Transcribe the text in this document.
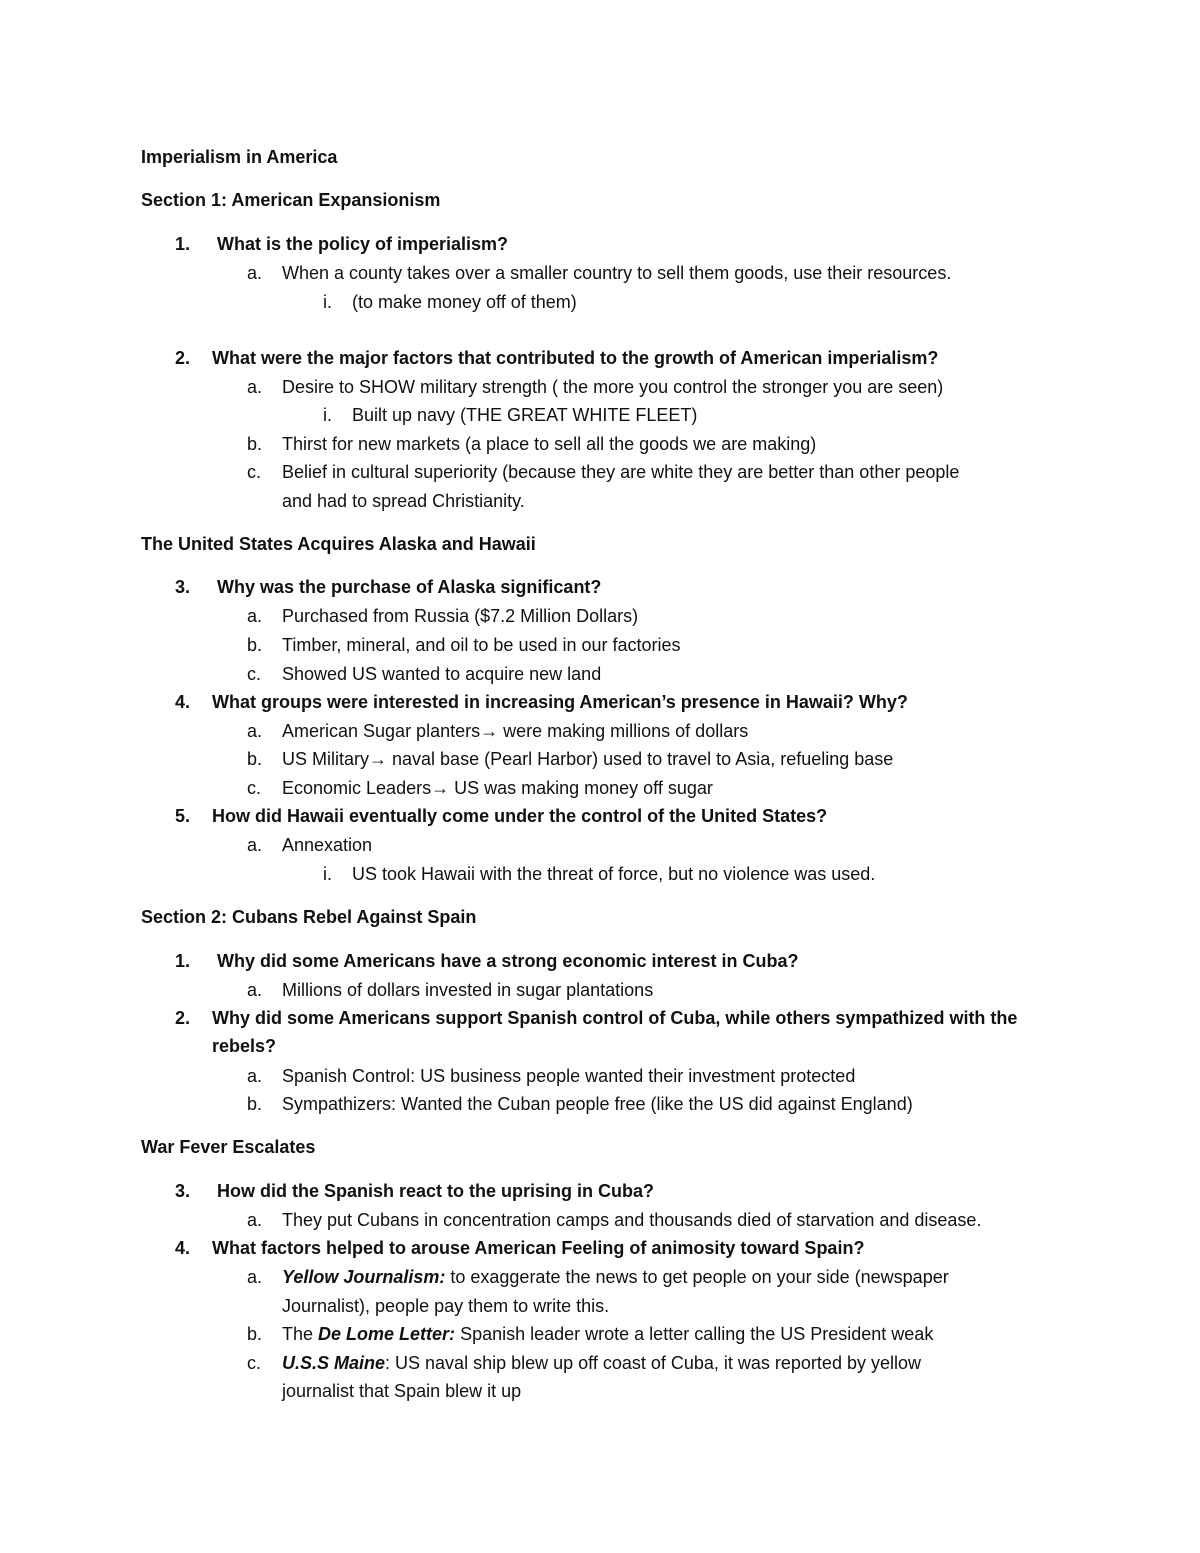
Imperialism in America
Section 1: American Expansionism
1. What is the policy of imperialism?
a. When a county takes over a smaller country to sell them goods, use their resources.
i. (to make money off of them)
2. What were the major factors that contributed to the growth of American imperialism?
a. Desire to SHOW military strength ( the more you control the stronger you are seen)
i. Built up navy (THE GREAT WHITE FLEET)
b. Thirst for new markets (a place to sell all the goods we are making)
c. Belief in cultural superiority (because they are white they are better than other people
and had to spread Christianity.
The United States Acquires Alaska and Hawaii
3. Why was the purchase of Alaska significant?
a. Purchased from Russia ($7.2 Million Dollars)
b. Timber, mineral, and oil to be used in our factories
c. Showed US wanted to acquire new land
4. What groups were interested in increasing American’s presence in Hawaii? Why?
a. American Sugar planters→ were making millions of dollars
b. US Military→ naval base (Pearl Harbor) used to travel to Asia, refueling base
c. Economic Leaders→ US was making money off sugar
5. How did Hawaii eventually come under the control of the United States?
a. Annexation
i. US took Hawaii with the threat of force, but no violence was used.
Section 2: Cubans Rebel Against Spain
1. Why did some Americans have a strong economic interest in Cuba?
a. Millions of dollars invested in sugar plantations
2. Why did some Americans support Spanish control of Cuba, while others sympathized with the
rebels?
a. Spanish Control: US business people wanted their investment protected
b. Sympathizers: Wanted the Cuban people free (like the US did against England)
War Fever Escalates
3. How did the Spanish react to the uprising in Cuba?
a. They put Cubans in concentration camps and thousands died of starvation and disease.
4. What factors helped to arouse American Feeling of animosity toward Spain?
a. Yellow Journalism: to exaggerate the news to get people on your side (newspaper
Journalist), people pay them to write this.
b. The De Lome Letter: Spanish leader wrote a letter calling the US President weak
c. U.S.S Maine: US naval ship blew up off coast of Cuba, it was reported by yellow
journalist that Spain blew it up
